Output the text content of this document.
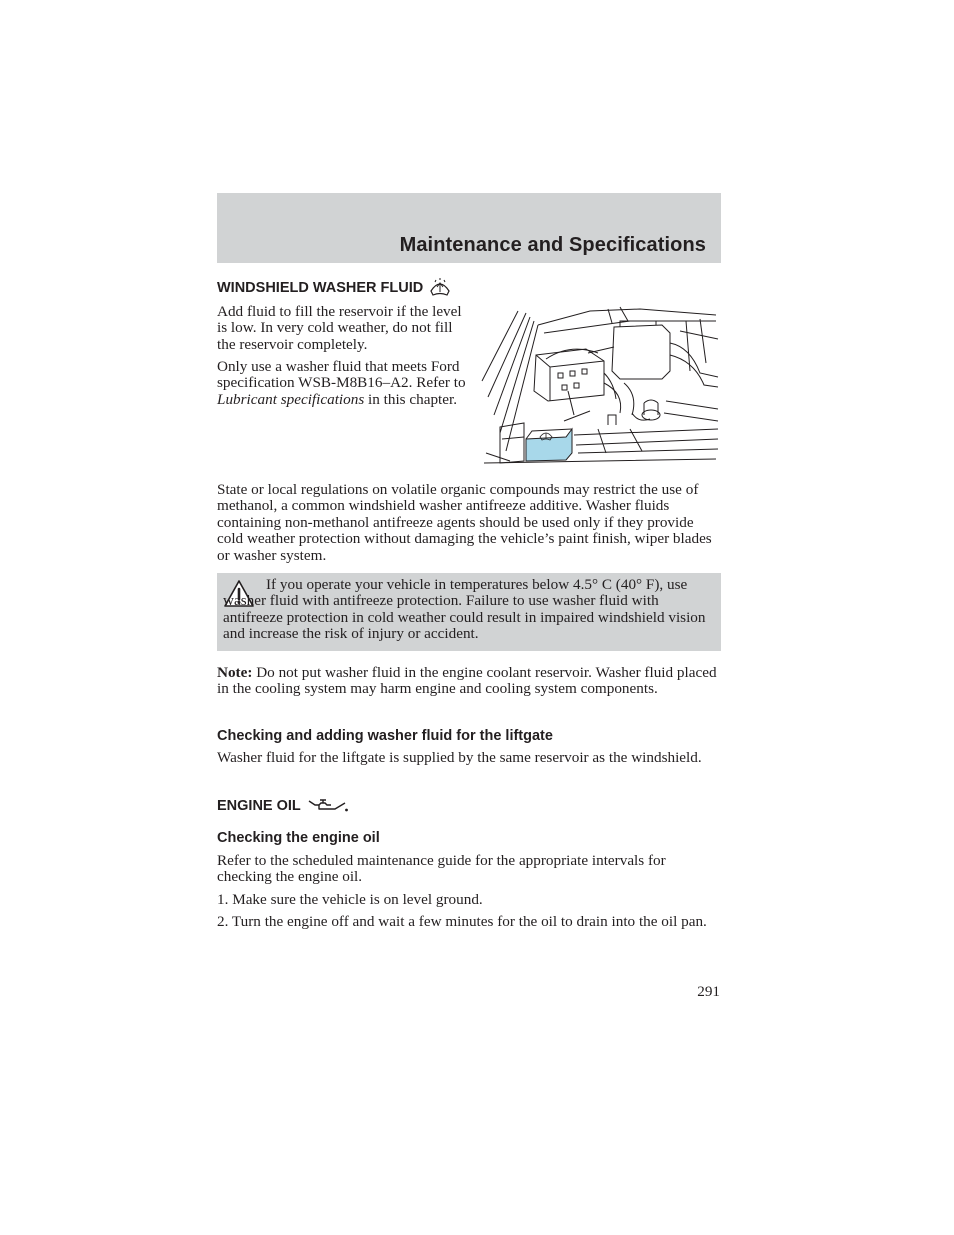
Maintenance and Specifications
WINDSHIELD WASHER FLUID

Add fluid to fill the reservoir if the level is low. In very cold weather, do not fill the reservoir completely.

Only use a washer fluid that meets Ford specification WSB-M8B16–A2. Refer to Lubricant specifications in this chapter.

State or local regulations on volatile organic compounds may restrict the use of methanol, a common windshield washer antifreeze additive. Washer fluids containing non-methanol antifreeze agents should be used only if they provide cold weather protection without damaging the vehicle’s paint finish, wiper blades or washer system.

If you operate your vehicle in temperatures below 4.5° C (40° F), use washer fluid with antifreeze protection. Failure to use washer fluid with antifreeze protection in cold weather could result in impaired windshield vision and increase the risk of injury or accident.

Note: Do not put washer fluid in the engine coolant reservoir. Washer fluid placed in the cooling system may harm engine and cooling system components.

Checking and adding washer fluid for the liftgate

Washer fluid for the liftgate is supplied by the same reservoir as the windshield.

ENGINE OIL
Checking the engine oil

Refer to the scheduled maintenance guide for the appropriate intervals for checking the engine oil.

1. Make sure the vehicle is on level ground.

2. Turn the engine off and wait a few minutes for the oil to drain into the oil pan.

291
